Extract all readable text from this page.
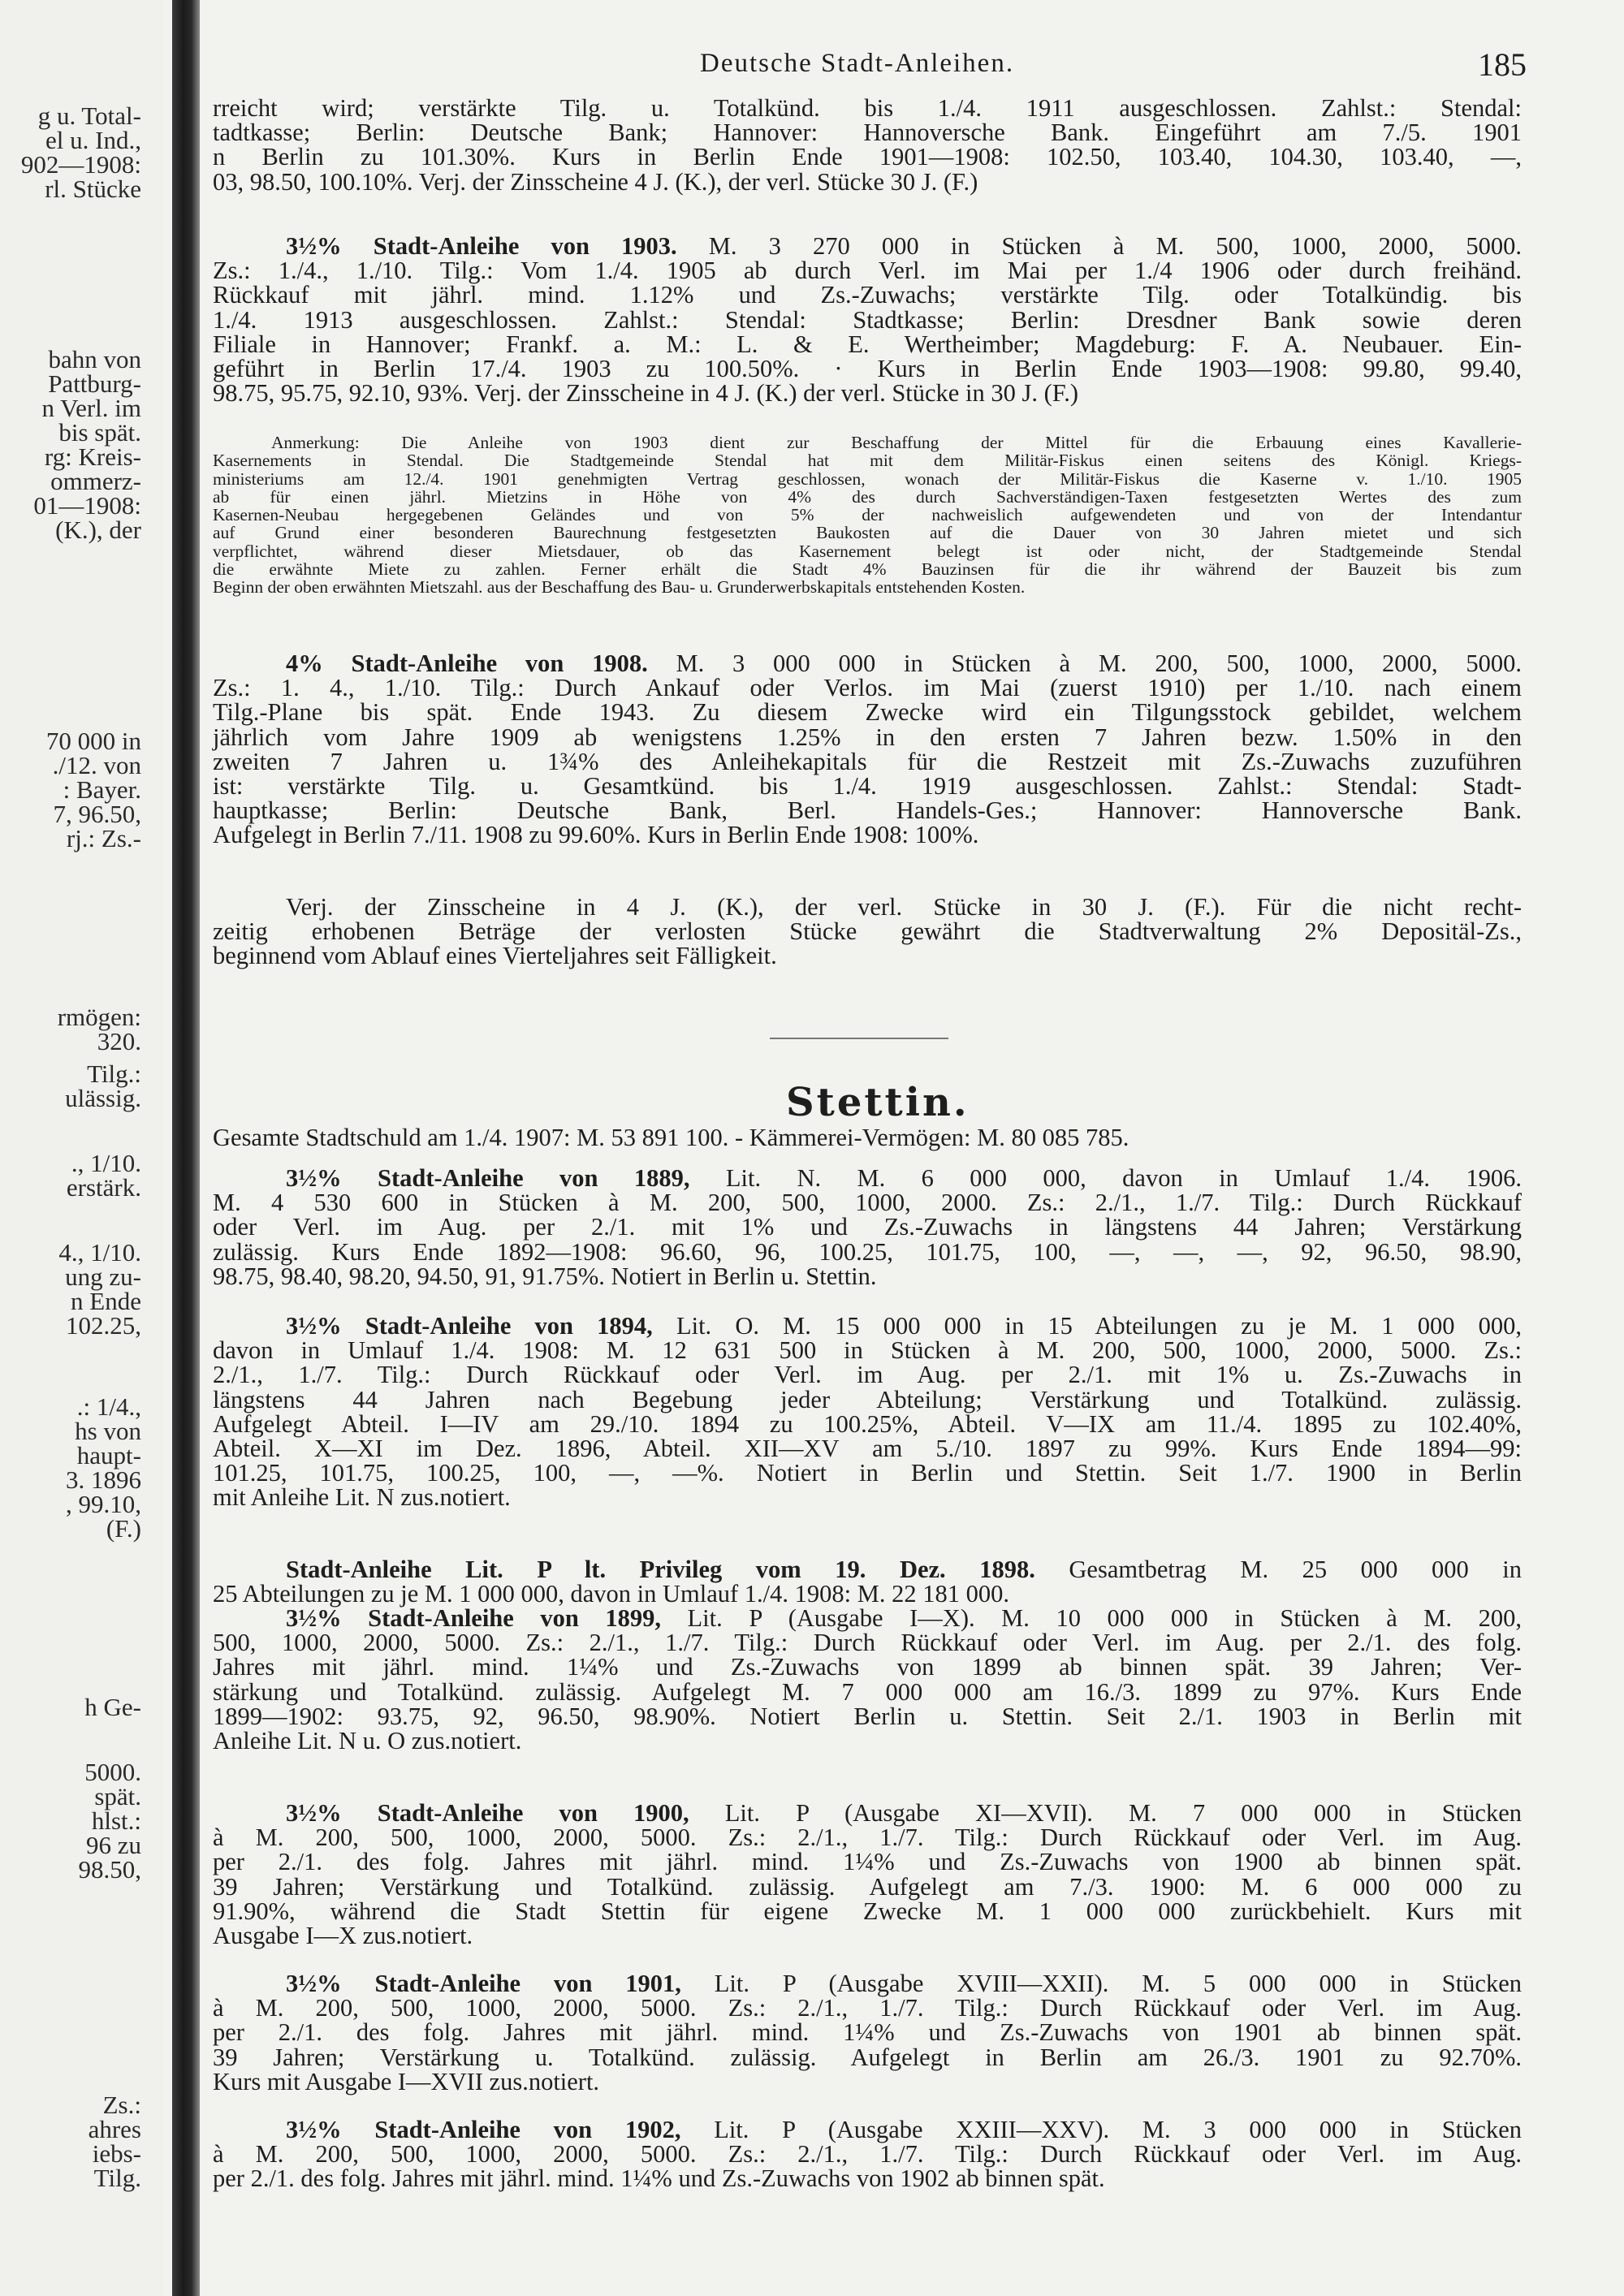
g u. Total-
el u. Ind.,
902—1908:
rl. Stücke
bahn von
Pattburg-
n Verl. im
bis spät.
rg: Kreis-
ommerz-
01—1908:
(K.), der
70 000 in
./12. von
: Bayer.
7, 96.50,
rj.: Zs.-
rmögen:
320.
Tilg.:
ulässig.
., 1/10.
erstärk.
4., 1/10.
ung zu-
n Ende
102.25,
.: 1/4.,
hs von
haupt-
3. 1896
, 99.10,
(F.)
h Ge-
5000.
spät.
hlst.:
96 zu
98.50,
Zs.:
ahres
iebs-
Tilg.
Deutsche Stadt-Anleihen.	185
Stettin.
rreicht wird; verstärkte Tilg. u. Totalkünd. bis 1./4. 1911 ausgeschlossen. Zahlst.: Stendal:
tadtkasse; Berlin: Deutsche Bank; Hannover: Hannoversche Bank. Eingeführt am 7./5. 1901
n Berlin zu 101.30%. Kurs in Berlin Ende 1901—1908: 102.50, 103.40, 104.30, 103.40, —,
03, 98.50, 100.10%. Verj. der Zinsscheine 4 J. (K.), der verl. Stücke 30 J. (F.)
3½% Stadt-Anleihe von 1903. M. 3 270 000 in Stücken à M. 500, 1000, 2000, 5000.
Zs.: 1./4., 1./10. Tilg.: Vom 1./4. 1905 ab durch Verl. im Mai per 1./4 1906 oder durch freihänd.
Rückkauf mit jährl. mind. 1.12% und Zs.-Zuwachs; verstärkte Tilg. oder Totalkündig. bis
1./4. 1913 ausgeschlossen. Zahlst.: Stendal: Stadtkasse; Berlin: Dresdner Bank sowie deren
Filiale in Hannover; Frankf. a. M.: L. & E. Wertheimber; Magdeburg: F. A. Neubauer. Ein-
geführt in Berlin 17./4. 1903 zu 100.50%. · Kurs in Berlin Ende 1903—1908: 99.80, 99.40,
98.75, 95.75, 92.10, 93%. Verj. der Zinsscheine in 4 J. (K.) der verl. Stücke in 30 J. (F.)
Anmerkung: Die Anleihe von 1903 dient zur Beschaffung der Mittel für die Erbauung eines Kavallerie-
Kasernements in Stendal. Die Stadtgemeinde Stendal hat mit dem Militär-Fiskus einen seitens des Königl. Kriegs-
ministeriums am 12./4. 1901 genehmigten Vertrag geschlossen, wonach der Militär-Fiskus die Kaserne v. 1./10. 1905
ab für einen jährl. Mietzins in Höhe von 4% des durch Sachverständigen-Taxen festgesetzten Wertes des zum
Kasernen-Neubau hergegebenen Geländes und von 5% der nachweislich aufgewendeten und von der Intendantur
auf Grund einer besonderen Baurechnung festgesetzten Baukosten auf die Dauer von 30 Jahren mietet und sich
verpflichtet, während dieser Mietsdauer, ob das Kasernement belegt ist oder nicht, der Stadtgemeinde Stendal
die erwähnte Miete zu zahlen. Ferner erhält die Stadt 4% Bauzinsen für die ihr während der Bauzeit bis zum
Beginn der oben erwähnten Mietszahl. aus der Beschaffung des Bau- u. Grunderwerbskapitals entstehenden Kosten.
4% Stadt-Anleihe von 1908. M. 3 000 000 in Stücken à M. 200, 500, 1000, 2000, 5000.
Zs.: 1. 4., 1./10. Tilg.: Durch Ankauf oder Verlos. im Mai (zuerst 1910) per 1./10. nach einem
Tilg.-Plane bis spät. Ende 1943. Zu diesem Zwecke wird ein Tilgungsstock gebildet, welchem
jährlich vom Jahre 1909 ab wenigstens 1.25% in den ersten 7 Jahren bezw. 1.50% in den
zweiten 7 Jahren u. 1¾% des Anleihekapitals für die Restzeit mit Zs.-Zuwachs zuzuführen
ist: verstärkte Tilg. u. Gesamtkünd. bis 1./4. 1919 ausgeschlossen. Zahlst.: Stendal: Stadt-
hauptkasse; Berlin: Deutsche Bank, Berl. Handels-Ges.; Hannover: Hannoversche Bank.
Aufgelegt in Berlin 7./11. 1908 zu 99.60%. Kurs in Berlin Ende 1908: 100%.
Verj. der Zinsscheine in 4 J. (K.), der verl. Stücke in 30 J. (F.). Für die nicht recht-
zeitig erhobenen Beträge der verlosten Stücke gewährt die Stadtverwaltung 2% Depositäl-Zs.,
beginnend vom Ablauf eines Vierteljahres seit Fälligkeit.
Gesamte Stadtschuld am 1./4. 1907: M. 53 891 100. - Kämmerei-Vermögen: M. 80 085 785.
3½% Stadt-Anleihe von 1889, Lit. N. M. 6 000 000, davon in Umlauf 1./4. 1906.
M. 4 530 600 in Stücken à M. 200, 500, 1000, 2000. Zs.: 2./1., 1./7. Tilg.: Durch Rückkauf
oder Verl. im Aug. per 2./1. mit 1% und Zs.-Zuwachs in längstens 44 Jahren; Verstärkung
zulässig. Kurs Ende 1892—1908: 96.60, 96, 100.25, 101.75, 100, —, —, —, 92, 96.50, 98.90,
98.75, 98.40, 98.20, 94.50, 91, 91.75%. Notiert in Berlin u. Stettin.
3½% Stadt-Anleihe von 1894, Lit. O. M. 15 000 000 in 15 Abteilungen zu je M. 1 000 000,
davon in Umlauf 1./4. 1908: M. 12 631 500 in Stücken à M. 200, 500, 1000, 2000, 5000. Zs.:
2./1., 1./7. Tilg.: Durch Rückkauf oder Verl. im Aug. per 2./1. mit 1% u. Zs.-Zuwachs in
längstens 44 Jahren nach Begebung jeder Abteilung; Verstärkung und Totalkünd. zulässig.
Aufgelegt Abteil. I—IV am 29./10. 1894 zu 100.25%, Abteil. V—IX am 11./4. 1895 zu 102.40%,
Abteil. X—XI im Dez. 1896, Abteil. XII—XV am 5./10. 1897 zu 99%. Kurs Ende 1894—99:
101.25, 101.75, 100.25, 100, —, —%. Notiert in Berlin und Stettin. Seit 1./7. 1900 in Berlin
mit Anleihe Lit. N zus.notiert.
Stadt-Anleihe Lit. P lt. Privileg vom 19. Dez. 1898. Gesamtbetrag M. 25 000 000 in
25 Abteilungen zu je M. 1 000 000, davon in Umlauf 1./4. 1908: M. 22 181 000.
3½% Stadt-Anleihe von 1899, Lit. P (Ausgabe I—X). M. 10 000 000 in Stücken à M. 200,
500, 1000, 2000, 5000. Zs.: 2./1., 1./7. Tilg.: Durch Rückkauf oder Verl. im Aug. per 2./1. des folg.
Jahres mit jährl. mind. 1¼% und Zs.-Zuwachs von 1899 ab binnen spät. 39 Jahren; Ver-
stärkung und Totalkünd. zulässig. Aufgelegt M. 7 000 000 am 16./3. 1899 zu 97%. Kurs Ende
1899—1902: 93.75, 92, 96.50, 98.90%. Notiert Berlin u. Stettin. Seit 2./1. 1903 in Berlin mit
Anleihe Lit. N u. O zus.notiert.
3½% Stadt-Anleihe von 1900, Lit. P (Ausgabe XI—XVII). M. 7 000 000 in Stücken
à M. 200, 500, 1000, 2000, 5000. Zs.: 2./1., 1./7. Tilg.: Durch Rückkauf oder Verl. im Aug.
per 2./1. des folg. Jahres mit jährl. mind. 1¼% und Zs.-Zuwachs von 1900 ab binnen spät.
39 Jahren; Verstärkung und Totalkünd. zulässig. Aufgelegt am 7./3. 1900: M. 6 000 000 zu
91.90%, während die Stadt Stettin für eigene Zwecke M. 1 000 000 zurückbehielt. Kurs mit
Ausgabe I—X zus.notiert.
3½% Stadt-Anleihe von 1901, Lit. P (Ausgabe XVIII—XXII). M. 5 000 000 in Stücken
à M. 200, 500, 1000, 2000, 5000. Zs.: 2./1., 1./7. Tilg.: Durch Rückkauf oder Verl. im Aug.
per 2./1. des folg. Jahres mit jährl. mind. 1¼% und Zs.-Zuwachs von 1901 ab binnen spät.
39 Jahren; Verstärkung u. Totalkünd. zulässig. Aufgelegt in Berlin am 26./3. 1901 zu 92.70%.
Kurs mit Ausgabe I—XVII zus.notiert.
3½% Stadt-Anleihe von 1902, Lit. P (Ausgabe XXIII—XXV). M. 3 000 000 in Stücken
à M. 200, 500, 1000, 2000, 5000. Zs.: 2./1., 1./7. Tilg.: Durch Rückkauf oder Verl. im Aug.
per 2./1. des folg. Jahres mit jährl. mind. 1¼% und Zs.-Zuwachs von 1902 ab binnen spät.
